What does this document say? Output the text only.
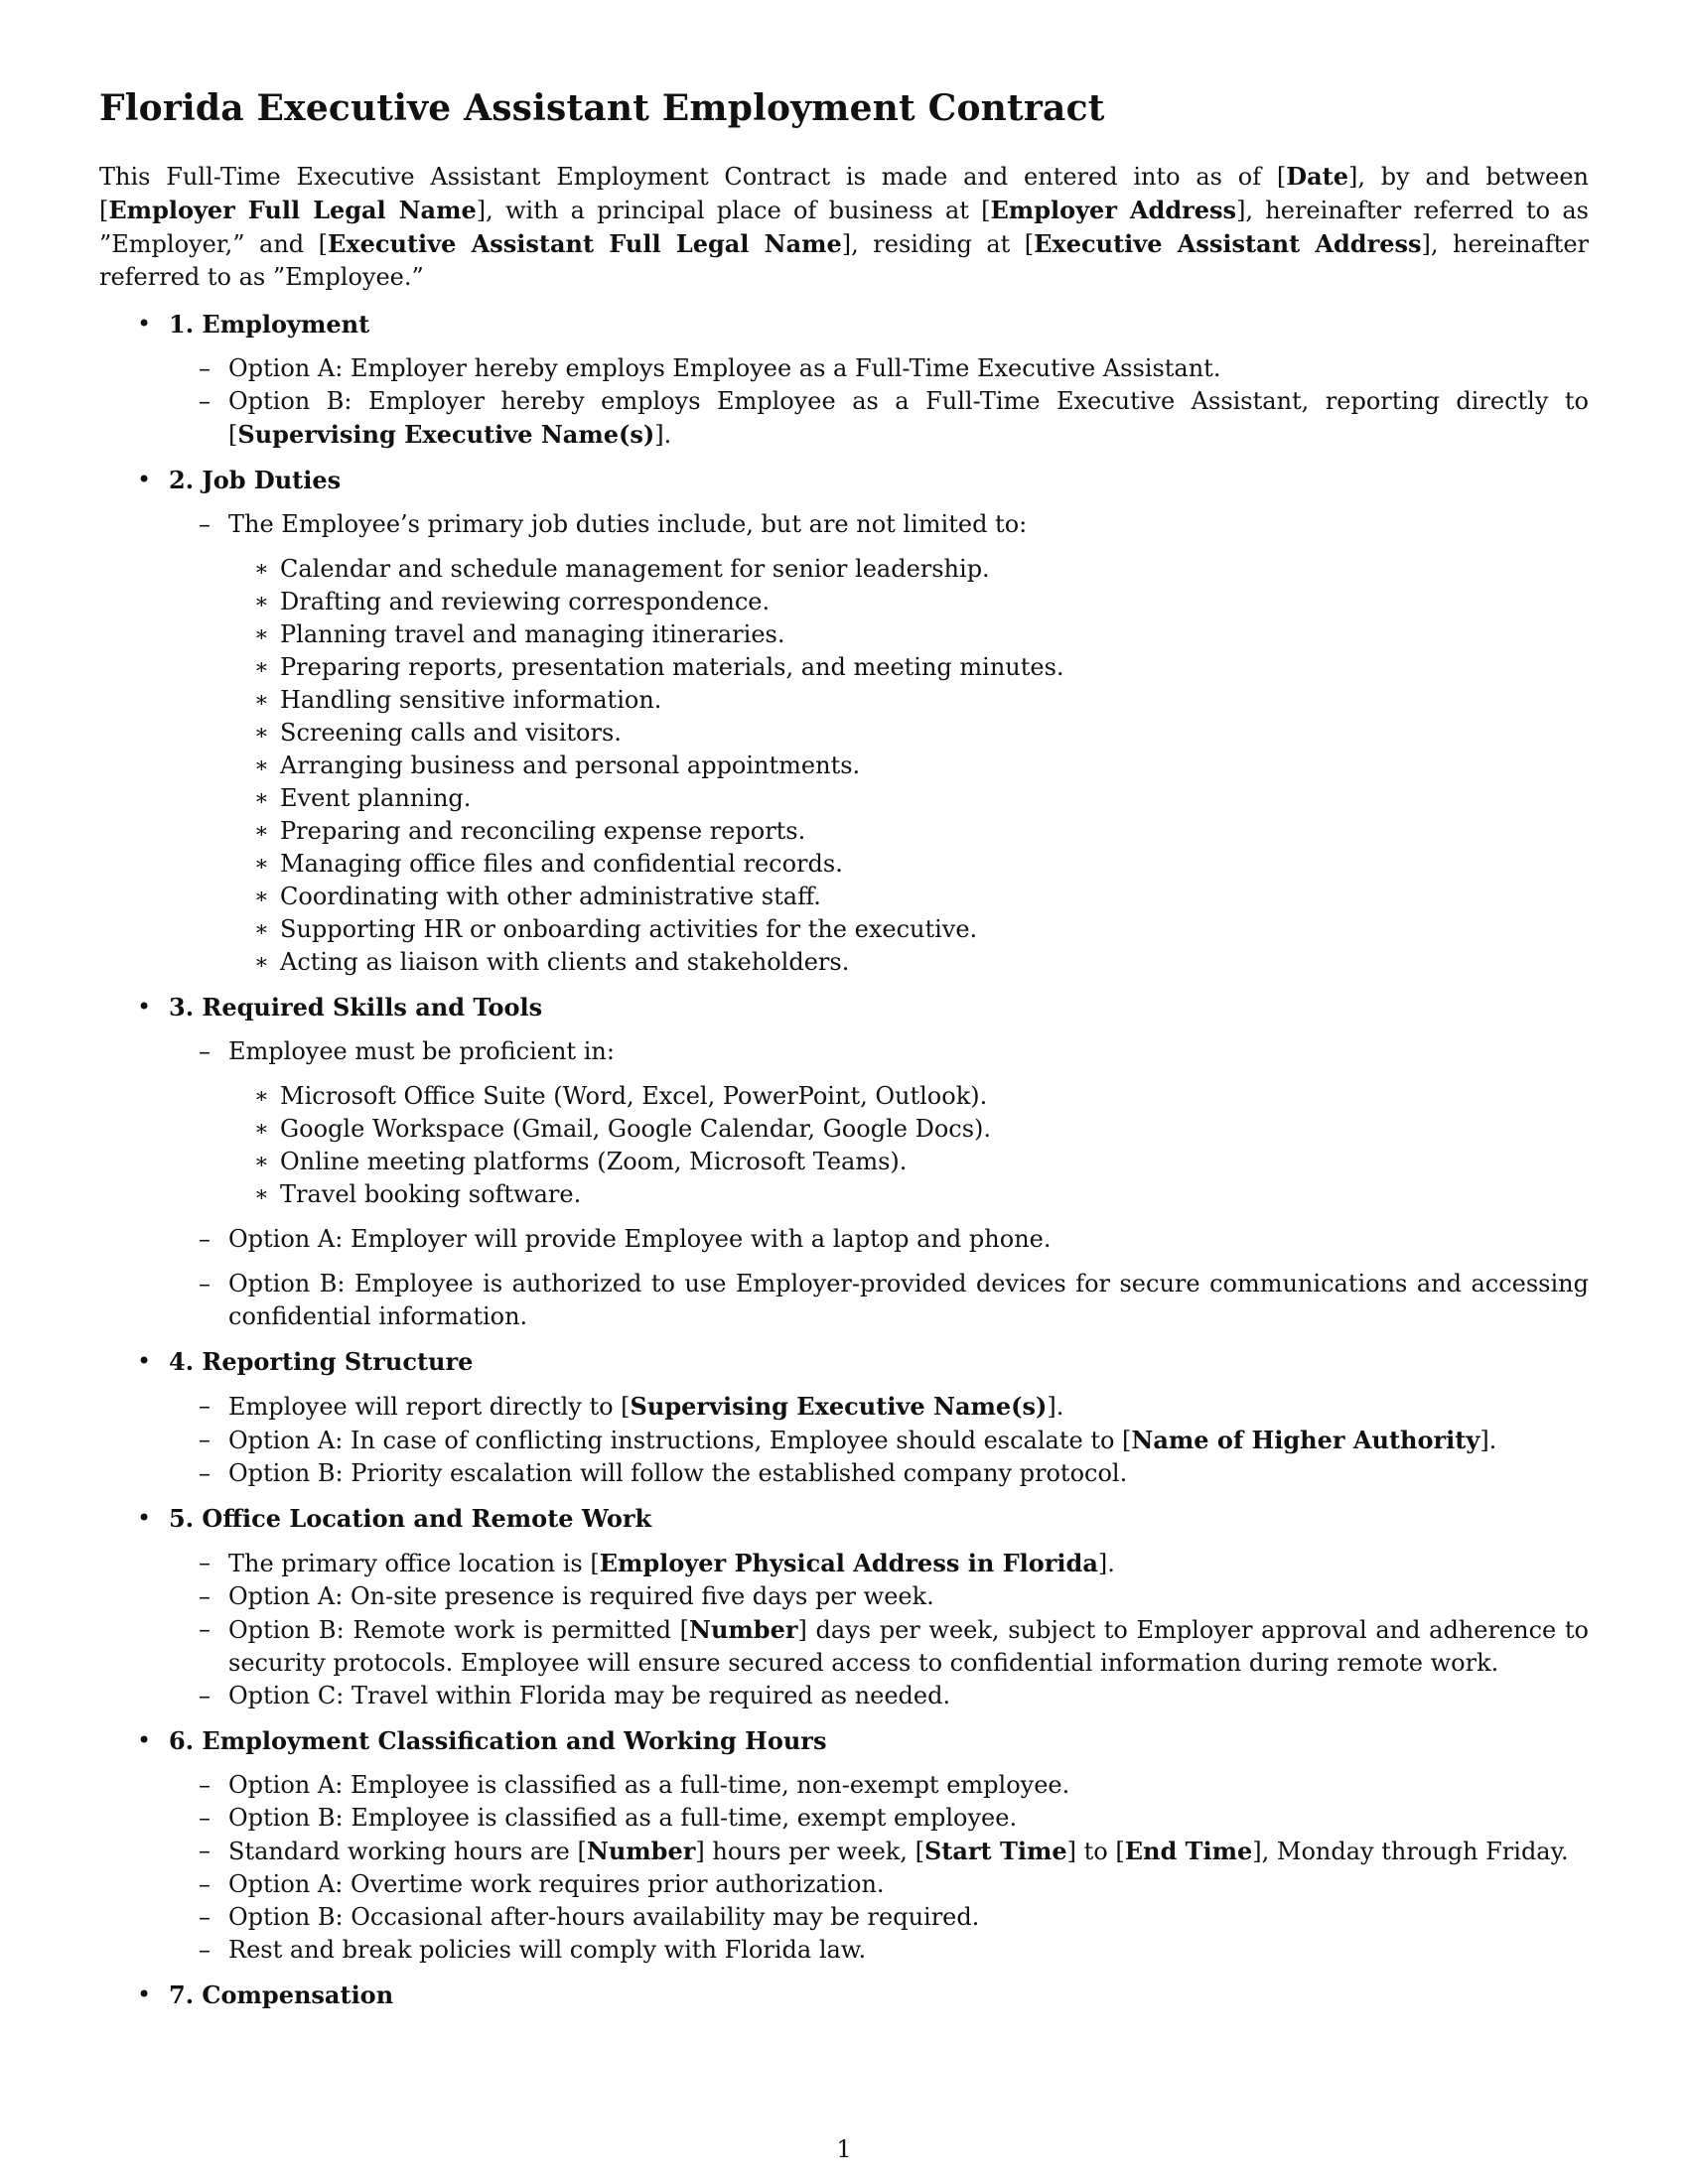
Florida Executive Assistant Employment Contract

This Full-Time Executive Assistant Employment Contract is made and entered into as of [Date], by and between [Employer Full Legal Name], with a principal place of business at [Employer Address], hereinafter referred to as ”Employer,” and [Executive Assistant Full Legal Name], residing at [Executive Assistant Address], hereinafter referred to as ”Employee.”

• 1. Employment
– Option A: Employer hereby employs Employee as a Full-Time Executive Assistant.
– Option B: Employer hereby employs Employee as a Full-Time Executive Assistant, reporting directly to [Supervising Executive Name(s)].
• 2. Job Duties
– The Employee’s primary job duties include, but are not limited to:
∗ Calendar and schedule management for senior leadership.
∗ Drafting and reviewing correspondence.
∗ Planning travel and managing itineraries.
∗ Preparing reports, presentation materials, and meeting minutes.
∗ Handling sensitive information.
∗ Screening calls and visitors.
∗ Arranging business and personal appointments.
∗ Event planning.
∗ Preparing and reconciling expense reports.
∗ Managing office files and confidential records.
∗ Coordinating with other administrative staff.
∗ Supporting HR or onboarding activities for the executive.
∗ Acting as liaison with clients and stakeholders.
• 3. Required Skills and Tools
– Employee must be proficient in:
∗ Microsoft Office Suite (Word, Excel, PowerPoint, Outlook).
∗ Google Workspace (Gmail, Google Calendar, Google Docs).
∗ Online meeting platforms (Zoom, Microsoft Teams).
∗ Travel booking software.
– Option A: Employer will provide Employee with a laptop and phone.
– Option B: Employee is authorized to use Employer-provided devices for secure communications and accessing confidential information.
• 4. Reporting Structure
– Employee will report directly to [Supervising Executive Name(s)].
– Option A: In case of conflicting instructions, Employee should escalate to [Name of Higher Authority].
– Option B: Priority escalation will follow the established company protocol.
• 5. Office Location and Remote Work
– The primary office location is [Employer Physical Address in Florida].
– Option A: On-site presence is required five days per week.
– Option B: Remote work is permitted [Number] days per week, subject to Employer approval and adherence to security protocols. Employee will ensure secured access to confidential information during remote work.
– Option C: Travel within Florida may be required as needed.
• 6. Employment Classification and Working Hours
– Option A: Employee is classified as a full-time, non-exempt employee.
– Option B: Employee is classified as a full-time, exempt employee.
– Standard working hours are [Number] hours per week, [Start Time] to [End Time], Monday through Friday.
– Option A: Overtime work requires prior authorization.
– Option B: Occasional after-hours availability may be required.
– Rest and break policies will comply with Florida law.
• 7. Compensation
1
